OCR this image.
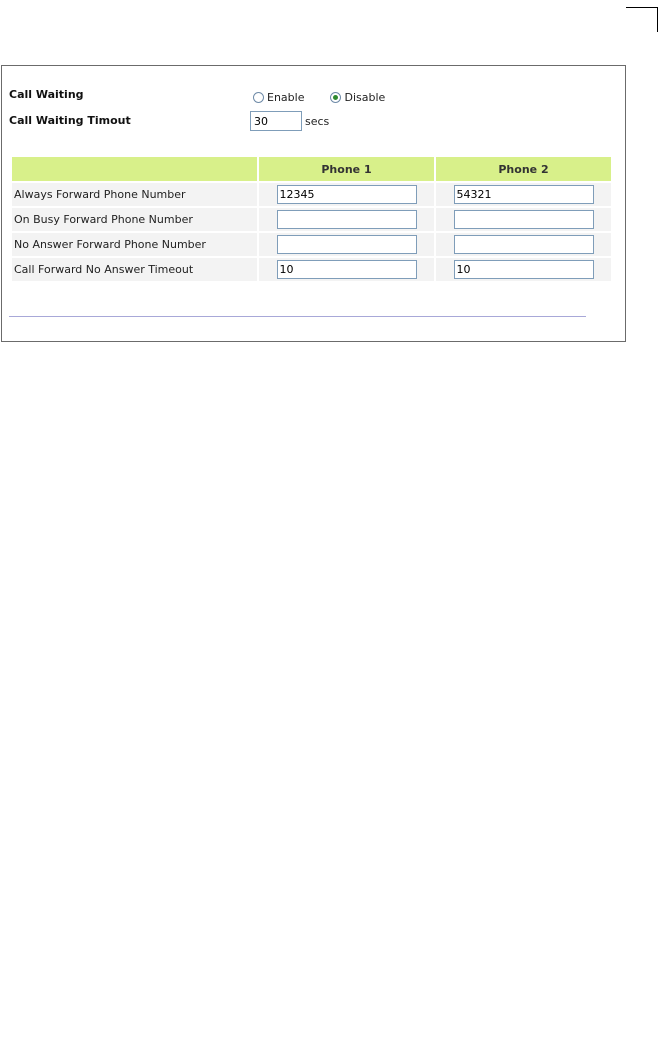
Call Waiting	Enable	Disable
Call Waiting Timout
30	secs
	Phone 1	Phone 2
Always Forward Phone Number	12345	54321
On Busy Forward Phone Number		
No Answer Forward Phone Number		
Call Forward No Answer Timeout	10	10
